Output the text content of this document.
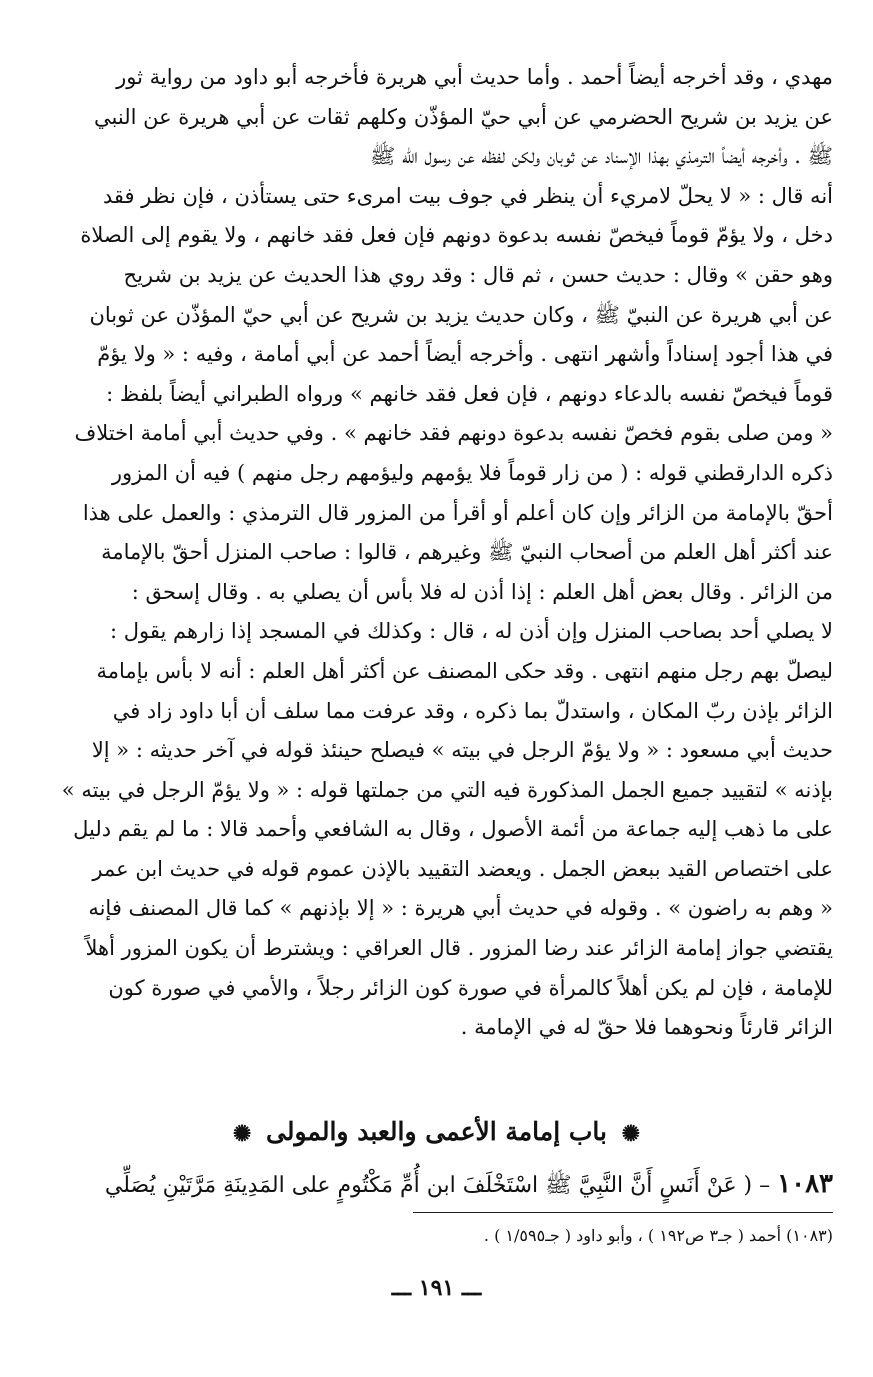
مهدي ، وقد أخرجه أيضاً أحمد . وأما حديث أبي هريرة فأخرجه أبو داود من رواية ثور
عن يزيد بن شريح الحضرمي عن أبي حيّ المؤذّن وكلهم ثقات عن أبي هريرة عن النبي
ﷺ . وأخرجه أيضاً الترمذي بهذا الإسناد عن ثوبان ولكن لفظه عن رسول الله ﷺ
أنه قال : « لا يحلّ لامريء أن ينظر في جوف بيت امرىء حتى يستأذن ، فإن نظر فقد
دخل ، ولا يؤمّ قوماً فيخصّ نفسه بدعوة دونهم فإن فعل فقد خانهم ، ولا يقوم إلى الصلاة
وهو حقن » وقال : حديث حسن ، ثم قال : وقد روي هذا الحديث عن يزيد بن شريح
عن أبي هريرة عن النبيّ ﷺ ، وكان حديث يزيد بن شريح عن أبي حيّ المؤذّن عن ثوبان
في هذا أجود إسناداً وأشهر انتهى . وأخرجه أيضاً أحمد عن أبي أمامة ، وفيه : « ولا يؤمّ
قوماً فيخصّ نفسه بالدعاء دونهم ، فإن فعل فقد خانهم » ورواه الطبراني أيضاً بلفظ :
« ومن صلى بقوم فخصّ نفسه بدعوة دونهم فقد خانهم » . وفي حديث أبي أمامة اختلاف
ذكره الدارقطني قوله : ( من زار قوماً فلا يؤمهم وليؤمهم رجل منهم ) فيه أن المزور
أحقّ بالإمامة من الزائر وإن كان أعلم أو أقرأ من المزور قال الترمذي : والعمل على هذا
عند أكثر أهل العلم من أصحاب النبيّ ﷺ وغيرهم ، قالوا : صاحب المنزل أحقّ بالإمامة
من الزائر . وقال بعض أهل العلم : إذا أذن له فلا بأس أن يصلي به . وقال إسحق :
لا يصلي أحد بصاحب المنزل وإن أذن له ، قال : وكذلك في المسجد إذا زارهم يقول :
ليصلّ بهم رجل منهم انتهى . وقد حكى المصنف عن أكثر أهل العلم : أنه لا بأس بإمامة
الزائر بإذن ربّ المكان ، واستدلّ بما ذكره ، وقد عرفت مما سلف أن أبا داود زاد في
حديث أبي مسعود : « ولا يؤمّ الرجل في بيته » فيصلح حينئذ قوله في آخر حديثه : « إلا
بإذنه » لتقييد جميع الجمل المذكورة فيه التي من جملتها قوله : « ولا يؤمّ الرجل في بيته »
على ما ذهب إليه جماعة من أئمة الأصول ، وقال به الشافعي وأحمد قالا : ما لم يقم دليل
على اختصاص القيد ببعض الجمل . ويعضد التقييد بالإذن عموم قوله في حديث ابن عمر
« وهم به راضون » . وقوله في حديث أبي هريرة : « إلا بإذنهم » كما قال المصنف فإنه
يقتضي جواز إمامة الزائر عند رضا المزور . قال العراقي : ويشترط أن يكون المزور أهلاً
للإمامة ، فإن لم يكن أهلاً كالمرأة في صورة كون الزائر رجلاً ، والأمي في صورة كون
الزائر قارئاً ونحوهما فلا حقّ له في الإمامة .
✺ باب إمامة الأعمى والعبد والمولى ✺
١٠٨٣ – ( عَنْ أَنَسٍ أَنَّ النَّبِيَّ ﷺ اسْتَخْلَفَ ابن أُمِّ مَكْتُومٍ على المَدِينَةِ مَرَّتَيْنِ يُصَلِّي
(١٠٨٣) أحمد ( جـ٣ ص١٩٢ ) ، وأبو داود ( جـ١/٥٩٥ ) .
ـــ ١٩١ ـــ
